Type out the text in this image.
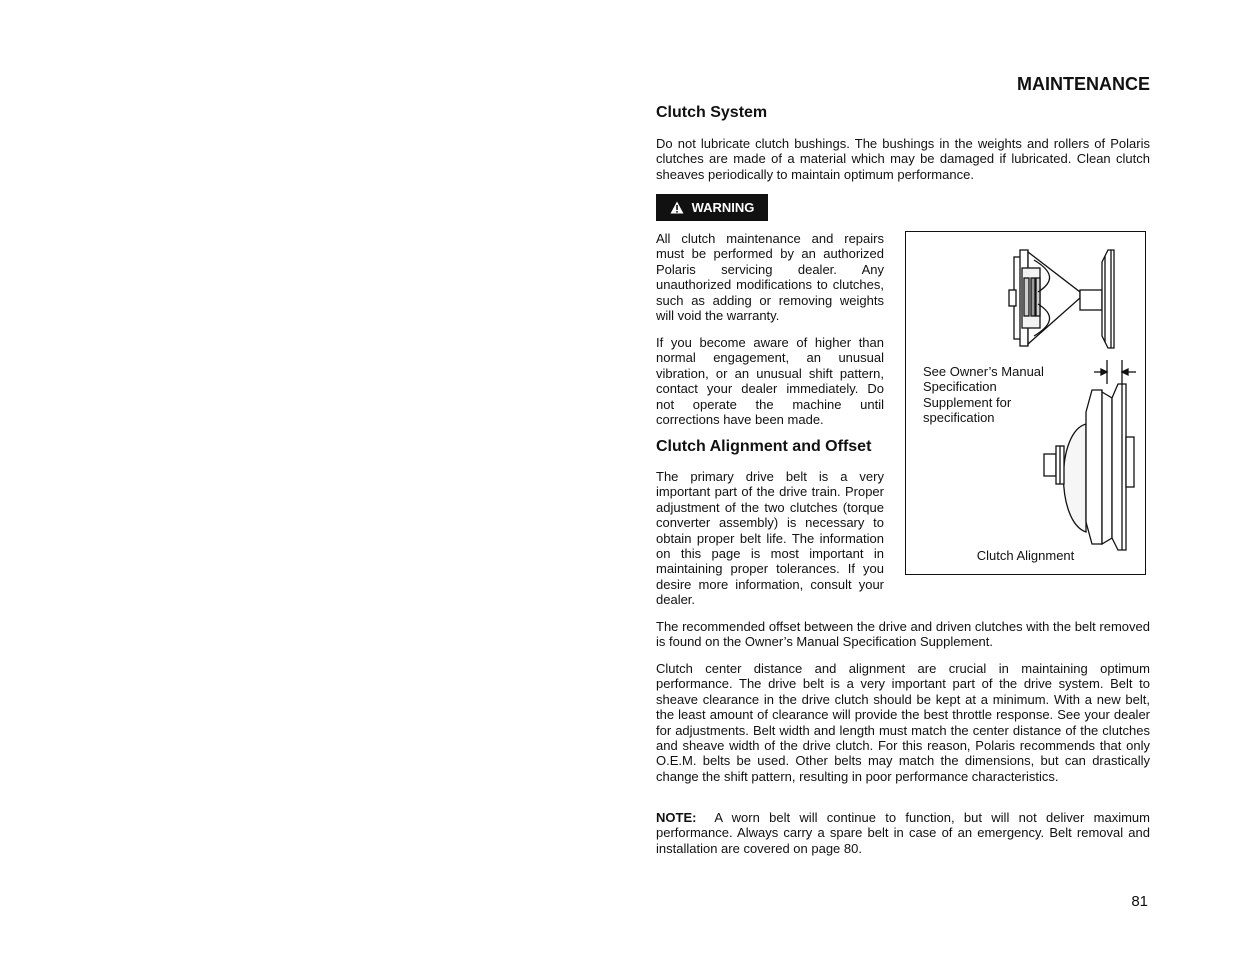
MAINTENANCE
Clutch System

Do not lubricate clutch bushings. The bushings in the weights and rollers of Polaris clutches are made of a material which may be damaged if lubricated. Clean clutch sheaves periodically to maintain optimum performance.

WARNING

All clutch maintenance and repairs must be performed by an authorized Polaris servicing dealer. Any unauthorized modifications to clutches, such as adding or removing weights will void the warranty.

If you become aware of higher than normal engagement, an unusual vibration, or an unusual shift pattern, contact your dealer immediately. Do not operate the machine until corrections have been made.

Clutch Alignment and Offset

The primary drive belt is a very important part of the drive train. Proper adjustment of the two clutches (torque converter assembly) is necessary to obtain proper belt life. The information on this page is most important in maintaining proper tolerances. If you desire more information, consult your dealer.

See Owner’s Manual Specification Supplement for specification

Clutch Alignment

The recommended offset between the drive and driven clutches with the belt removed is found on the Owner’s Manual Specification Supplement.

Clutch center distance and alignment are crucial in maintaining optimum performance. The drive belt is a very important part of the drive system. Belt to sheave clearance in the drive clutch should be kept at a minimum. With a new belt, the least amount of clearance will provide the best throttle response. See your dealer for adjustments. Belt width and length must match the center distance of the clutches and sheave width of the drive clutch. For this reason, Polaris recommends that only O.E.M. belts be used. Other belts may match the dimensions, but can drastically change the shift pattern, resulting in poor performance characteristics.

NOTE: A worn belt will continue to function, but will not deliver maximum performance. Always carry a spare belt in case of an emergency. Belt removal and installation are covered on page 80.

81
